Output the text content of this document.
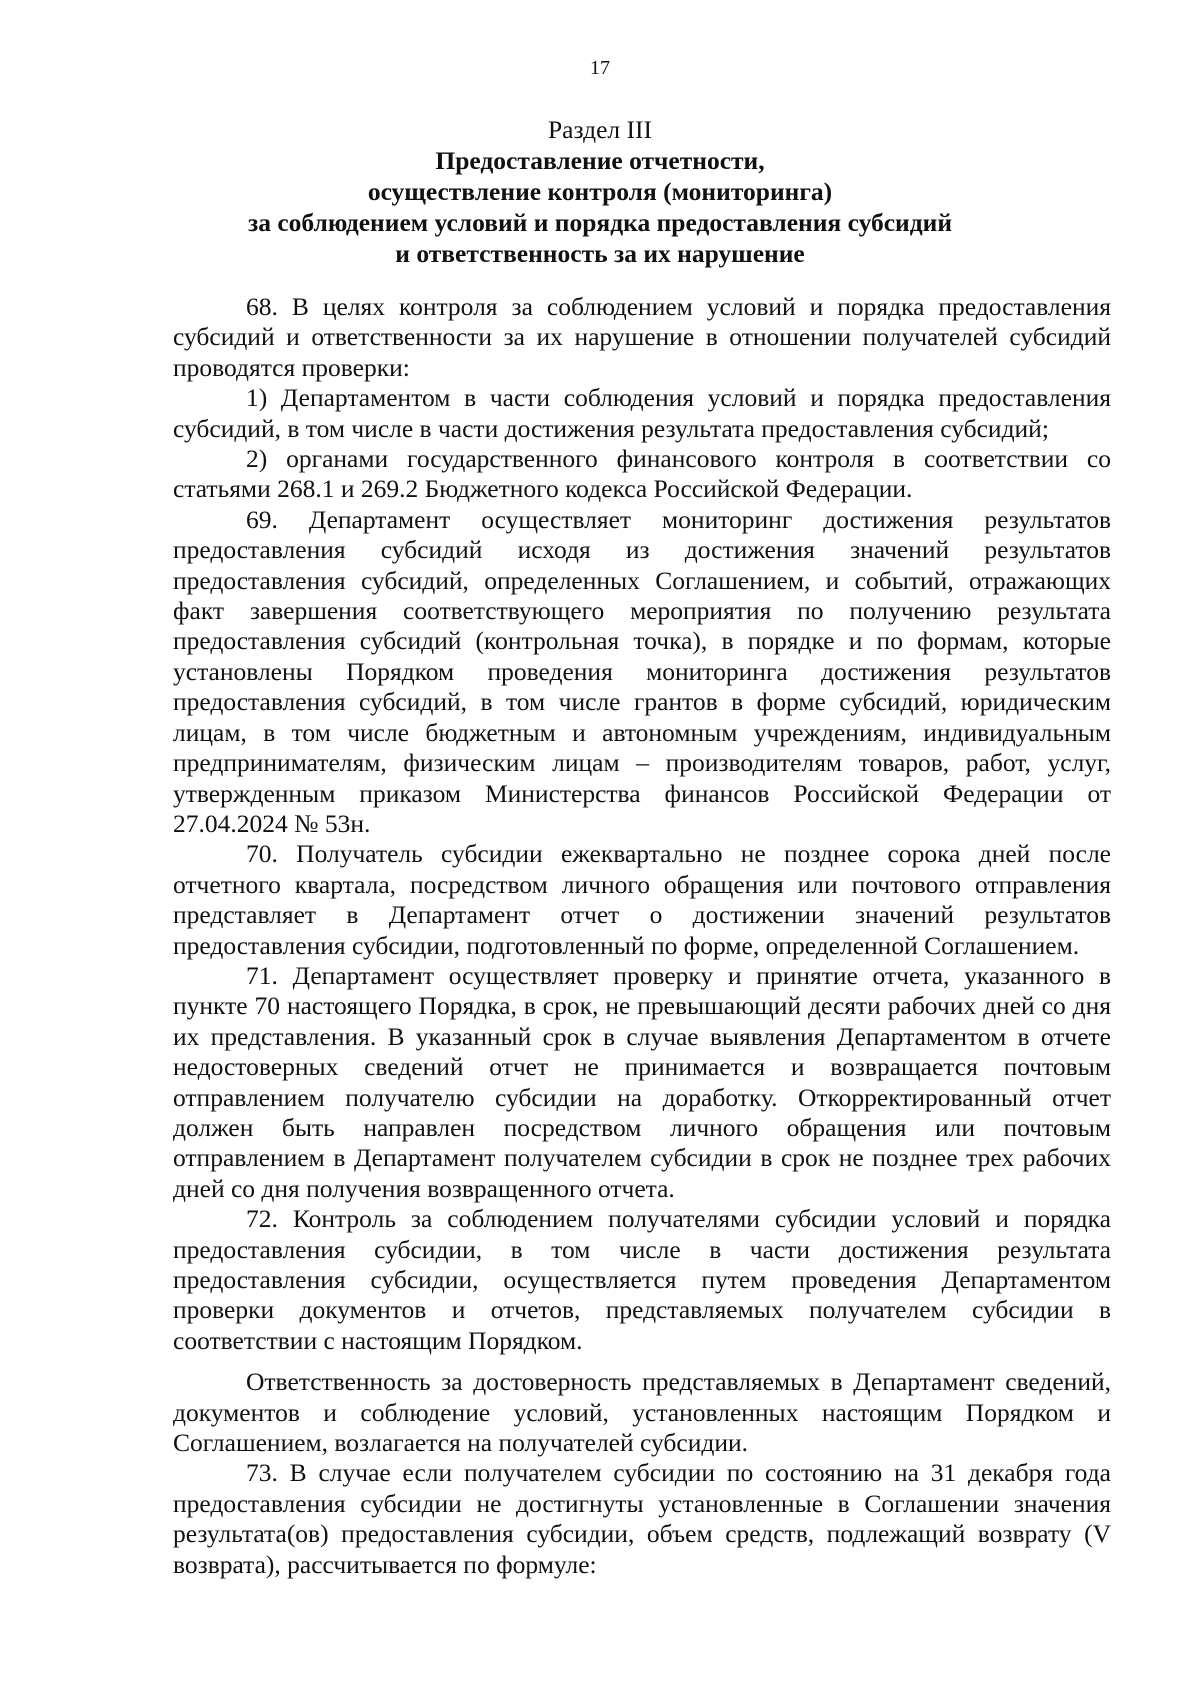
17
Раздел III
Предоставление отчетности,
осуществление контроля (мониторинга)
за соблюдением условий и порядка предоставления субсидий
и ответственность за их нарушение

68. В целях контроля за соблюдением условий и порядка предоставления субсидий и ответственности за их нарушение в отношении получателей субсидий проводятся проверки:

1) Департаментом в части соблюдения условий и порядка предоставления субсидий, в том числе в части достижения результата предоставления субсидий;

2) органами государственного финансового контроля в соответствии со статьями 268.1 и 269.2 Бюджетного кодекса Российской Федерации.

69. Департамент осуществляет мониторинг достижения результатов предоставления субсидий исходя из достижения значений результатов предоставления субсидий, определенных Соглашением, и событий, отражающих факт завершения соответствующего мероприятия по получению результата предоставления субсидий (контрольная точка), в порядке и по формам, которые установлены Порядком проведения мониторинга достижения результатов предоставления субсидий, в том числе грантов в форме субсидий, юридическим лицам, в том числе бюджетным и автономным учреждениям, индивидуальным предпринимателям, физическим лицам – производителям товаров, работ, услуг, утвержденным приказом Министерства финансов Российской Федерации от 27.04.2024 № 53н.

70. Получатель субсидии ежеквартально не позднее сорока дней после отчетного квартала, посредством личного обращения или почтового отправления представляет в Департамент отчет о достижении значений результатов предоставления субсидии, подготовленный по форме, определенной Соглашением.

71. Департамент осуществляет проверку и принятие отчета, указанного в пункте 70 настоящего Порядка, в срок, не превышающий десяти рабочих дней со дня их представления. В указанный срок в случае выявления Департаментом в отчете недостоверных сведений отчет не принимается и возвращается почтовым отправлением получателю субсидии на доработку. Откорректированный отчет должен быть направлен посредством личного обращения или почтовым отправлением в Департамент получателем субсидии в срок не позднее трех рабочих дней со дня получения возвращенного отчета.

72. Контроль за соблюдением получателями субсидии условий и порядка предоставления субсидии, в том числе в части достижения результата предоставления субсидии, осуществляется путем проведения Департаментом проверки документов и отчетов, представляемых получателем субсидии в соответствии с настоящим Порядком.

Ответственность за достоверность представляемых в Департамент сведений, документов и соблюдение условий, установленных настоящим Порядком и Соглашением, возлагается на получателей субсидии.

73. В случае если получателем субсидии по состоянию на 31 декабря года предоставления субсидии не достигнуты установленные в Соглашении значения результата(ов) предоставления субсидии, объем средств, подлежащий возврату (V возврата), рассчитывается по формуле:
